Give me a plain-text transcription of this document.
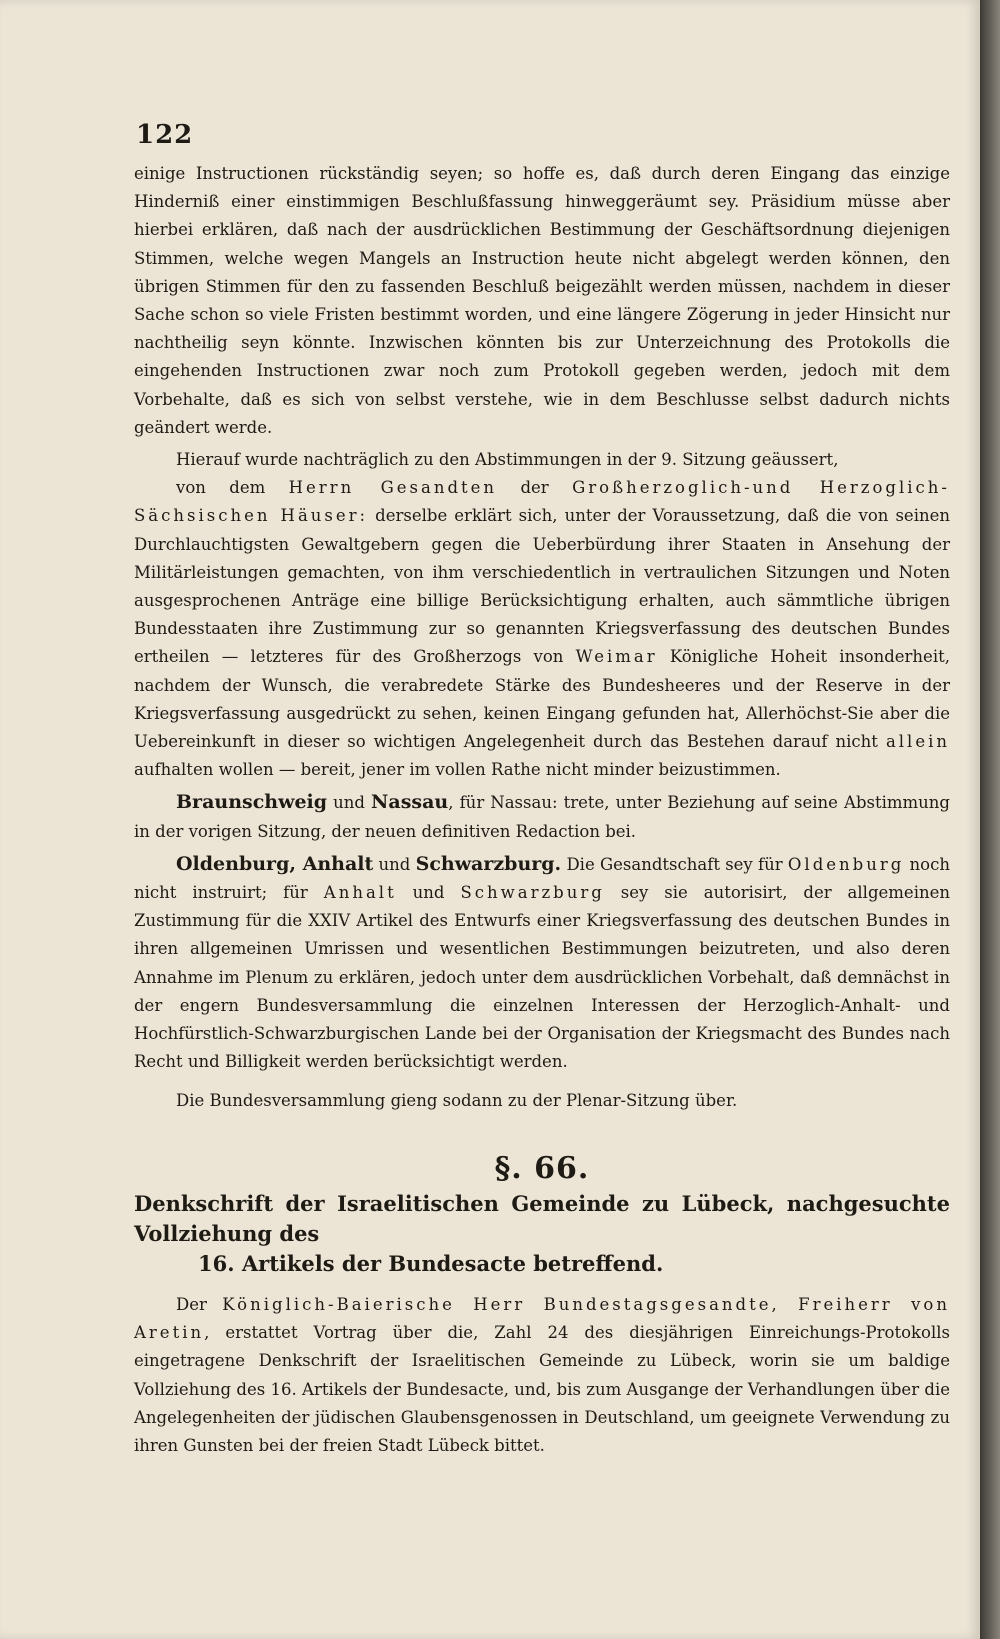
122

einige Instructionen rückständig seyen; so hoffe es, daß durch deren Eingang das einzige Hinderniß einer einstimmigen Beschlußfassung hinweggeräumt sey. Präsidium müsse aber hierbei erklären, daß nach der ausdrücklichen Bestimmung der Geschäftsordnung diejenigen Stimmen, welche wegen Mangels an Instruction heute nicht abgelegt werden können, den übrigen Stimmen für den zu fassenden Beschluß beigezählt werden müssen, nachdem in dieser Sache schon so viele Fristen bestimmt worden, und eine längere Zögerung in jeder Hinsicht nur nachtheilig seyn könnte. Inzwischen könnten bis zur Unterzeichnung des Protokolls die eingehenden Instructionen zwar noch zum Protokoll gegeben werden, jedoch mit dem Vorbehalte, daß es sich von selbst verstehe, wie in dem Beschlusse selbst dadurch nichts geändert werde.

Hierauf wurde nachträglich zu den Abstimmungen in der 9. Sitzung geäussert,

von dem Herrn Gesandten der Großherzoglich-und Herzoglich-Sächsischen Häuser: derselbe erklärt sich, unter der Voraussetzung, daß die von seinen Durchlauchtigsten Gewaltgebern gegen die Ueberbürdung ihrer Staaten in Ansehung der Militärleistungen gemachten, von ihm verschiedentlich in vertraulichen Sitzungen und Noten ausgesprochenen Anträge eine billige Berücksichtigung erhalten, auch sämmtliche übrigen Bundesstaaten ihre Zustimmung zur so genannten Kriegsverfassung des deutschen Bundes ertheilen — letzteres für des Großherzogs von Weimar Königliche Hoheit insonderheit, nachdem der Wunsch, die verabredete Stärke des Bundesheeres und der Reserve in der Kriegsverfassung ausgedrückt zu sehen, keinen Eingang gefunden hat, Allerhöchst-Sie aber die Uebereinkunft in dieser so wichtigen Angelegenheit durch das Bestehen darauf nicht allein aufhalten wollen — bereit, jener im vollen Rathe nicht minder beizustimmen.

Braunschweig und Nassau, für Nassau: trete, unter Beziehung auf seine Abstimmung in der vorigen Sitzung, der neuen definitiven Redaction bei.

Oldenburg, Anhalt und Schwarzburg. Die Gesandtschaft sey für Oldenburg noch nicht instruirt; für Anhalt und Schwarzburg sey sie autorisirt, der allgemeinen Zustimmung für die XXIV Artikel des Entwurfs einer Kriegsverfassung des deutschen Bundes in ihren allgemeinen Umrissen und wesentlichen Bestimmungen beizutreten, und also deren Annahme im Plenum zu erklären, jedoch unter dem ausdrücklichen Vorbehalt, daß demnächst in der engern Bundesversammlung die einzelnen Interessen der Herzoglich-Anhalt- und Hochfürstlich-Schwarzburgischen Lande bei der Organisation der Kriegsmacht des Bundes nach Recht und Billigkeit werden berücksichtigt werden.

Die Bundesversammlung gieng sodann zu der Plenar-Sitzung über.

§. 66.

Denkschrift der Israelitischen Gemeinde zu Lübeck, nachgesuchte Vollziehung des
16. Artikels der Bundesacte betreffend.

Der Königlich-Baierische Herr Bundestagsgesandte, Freiherr von Aretin, erstattet Vortrag über die, Zahl 24 des diesjährigen Einreichungs-Protokolls eingetragene Denkschrift der Israelitischen Gemeinde zu Lübeck, worin sie um baldige Vollziehung des 16. Artikels der Bundesacte, und, bis zum Ausgange der Verhandlungen über die Angelegenheiten der jüdischen Glaubensgenossen in Deutschland, um geeignete Verwendung zu ihren Gunsten bei der freien Stadt Lübeck bittet.
